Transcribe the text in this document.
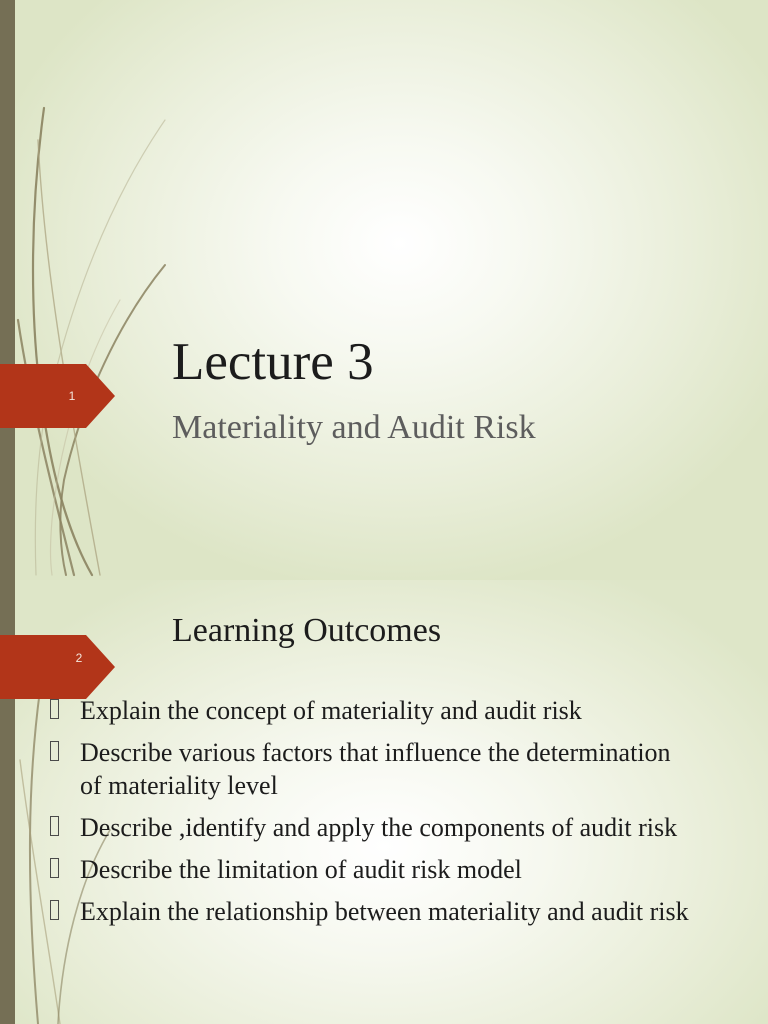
1
Lecture 3
Materiality and Audit Risk
2
Learning Outcomes
Explain the concept of materiality and audit risk
Describe various factors that influence the determination of materiality level
Describe ,identify and apply the components of audit risk
Describe the limitation of audit risk model
Explain the relationship between materiality and audit risk
